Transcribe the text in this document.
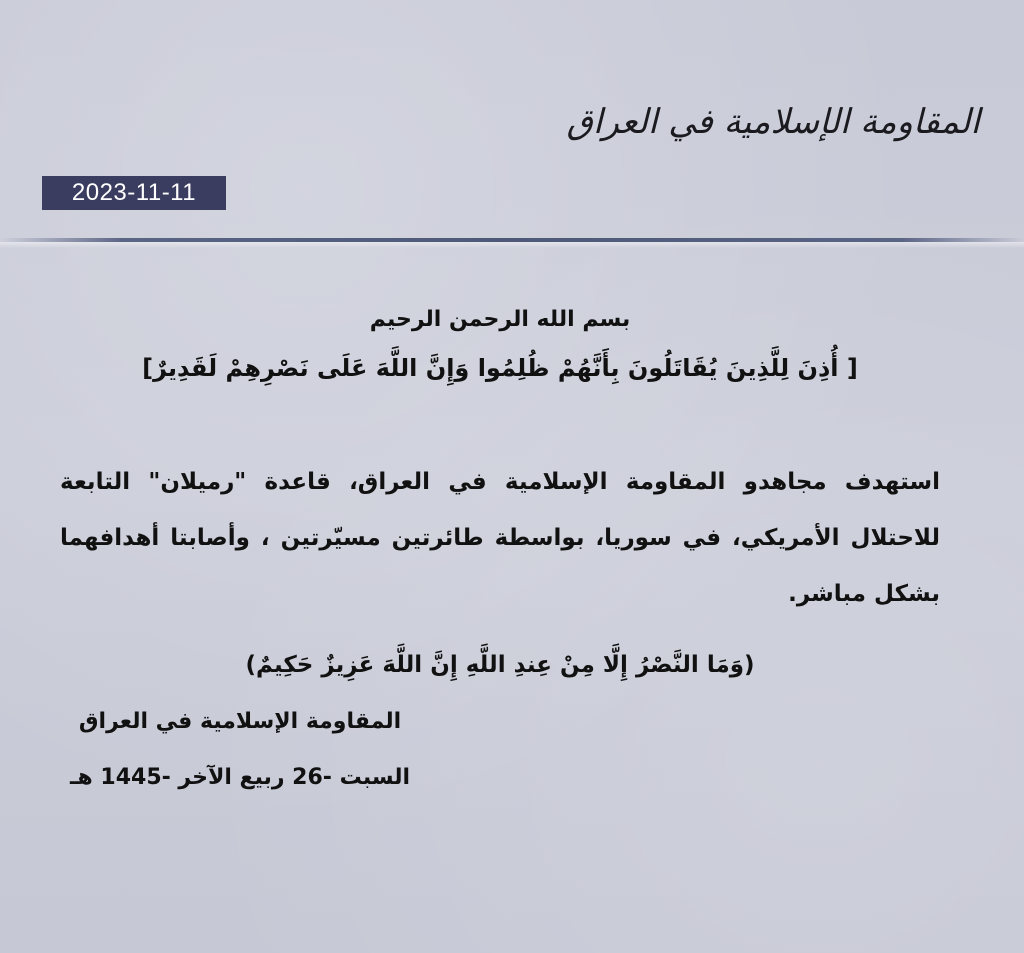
المقاومة الإسلامية في العراق
2023-11-11

بسم الله الرحمن الرحيم

[ أُذِنَ لِلَّذِينَ يُقَاتَلُونَ بِأَنَّهُمْ ظُلِمُوا وَإِنَّ اللَّهَ عَلَى نَصْرِهِمْ لَقَدِيرٌ]

استهدف مجاهدو المقاومة الإسلامية في العراق، قاعدة "رميلان" التابعة للاحتلال الأمريكي، في سوريا، بواسطة طائرتين مسيّرتين ، وأصابتا أهدافهما بشكل مباشر.

(وَمَا النَّصْرُ إِلَّا مِنْ عِندِ اللَّهِ إِنَّ اللَّهَ عَزِيزٌ حَكِيمٌ)

المقاومة الإسلامية في العراق
السبت -26 ربيع الآخر -1445 هـ
